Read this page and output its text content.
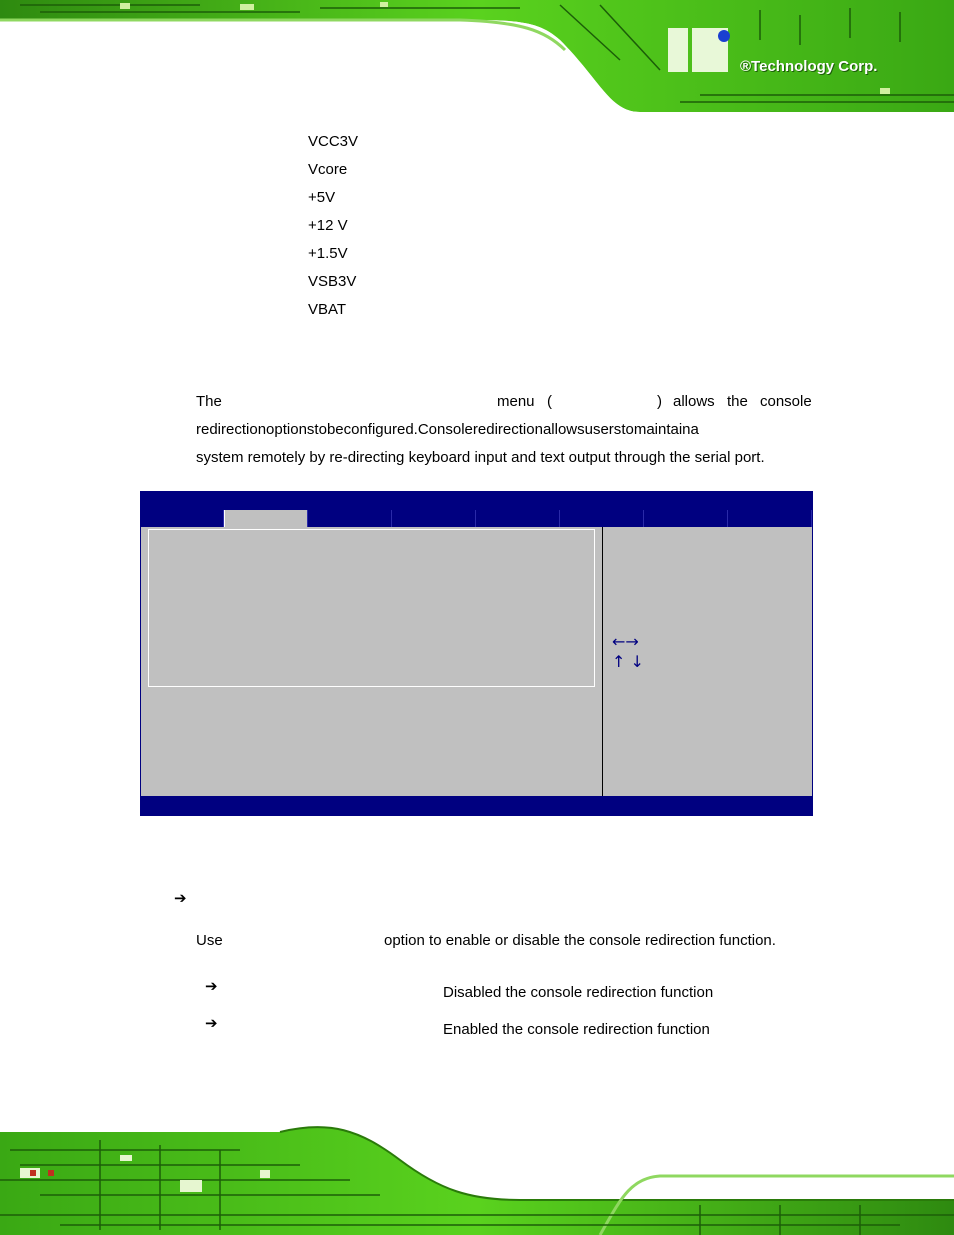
®Technology Corp.
VCC3V
Vcore
+5V
+12 V
+1.5V
VSB3V
VBAT
The	menu (	) allows the console
redirectionoptionstobeconfigured.Consoleredirectionallowsuserstomaintaina
system remotely by re-directing keyboard input and text output through the serial port.
←→
↑ ↓
➔
Use	option to enable or disable the console redirection function.
➔	Disabled the console redirection function
➔	Enabled the console redirection function
